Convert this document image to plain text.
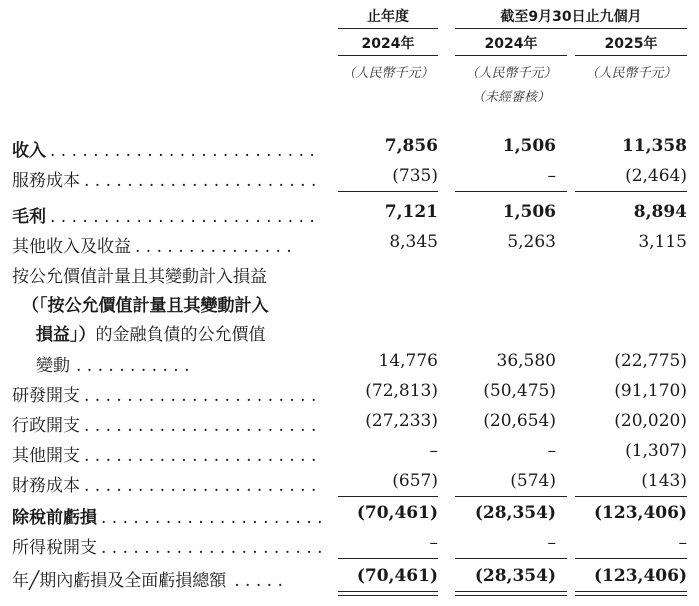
止年度	截至9月30日止九個月
2024年	2024年	2025年
（人民幣千元）	（人民幣千元）	（人民幣千元）
（未經審核）
收入 . . . . . . . . . . . . . . . . . . . . . . . . .	7,856	1,506	11,358
服務成本 . . . . . . . . . . . . . . . . . . . . . .	(735)	–	(2,464)
毛利 . . . . . . . . . . . . . . . . . . . . . . . . .	7,121	1,506	8,894
其他收入及收益 . . . . . . . . . . . . . . .	8,345	5,263	3,115
按公允價值計量且其變動計入損益
（「按公允價值計量且其變動計入
損益」）的金融負債的公允價值
變動 . . . . . . . . . . .	14,776	36,580	(22,775)
研發開支 . . . . . . . . . . . . . . . . . . . . . .	(72,813)	(50,475)	(91,170)
行政開支 . . . . . . . . . . . . . . . . . . . . . .	(27,233)	(20,654)	(20,020)
其他開支 . . . . . . . . . . . . . . . . . . . . . .	–	–	(1,307)
財務成本 . . . . . . . . . . . . . . . . . . . . . .	(657)	(574)	(143)
除稅前虧損 . . . . . . . . . . . . . . . . . . . . . (70,461) (28,354) (123,406)
所得稅開支 . . . . . . . . . . . . . . . . . . . . .	–	–	–
年╱期內虧損及全面虧損總額 . . . . .	(70,461) (28,354) (123,406)
